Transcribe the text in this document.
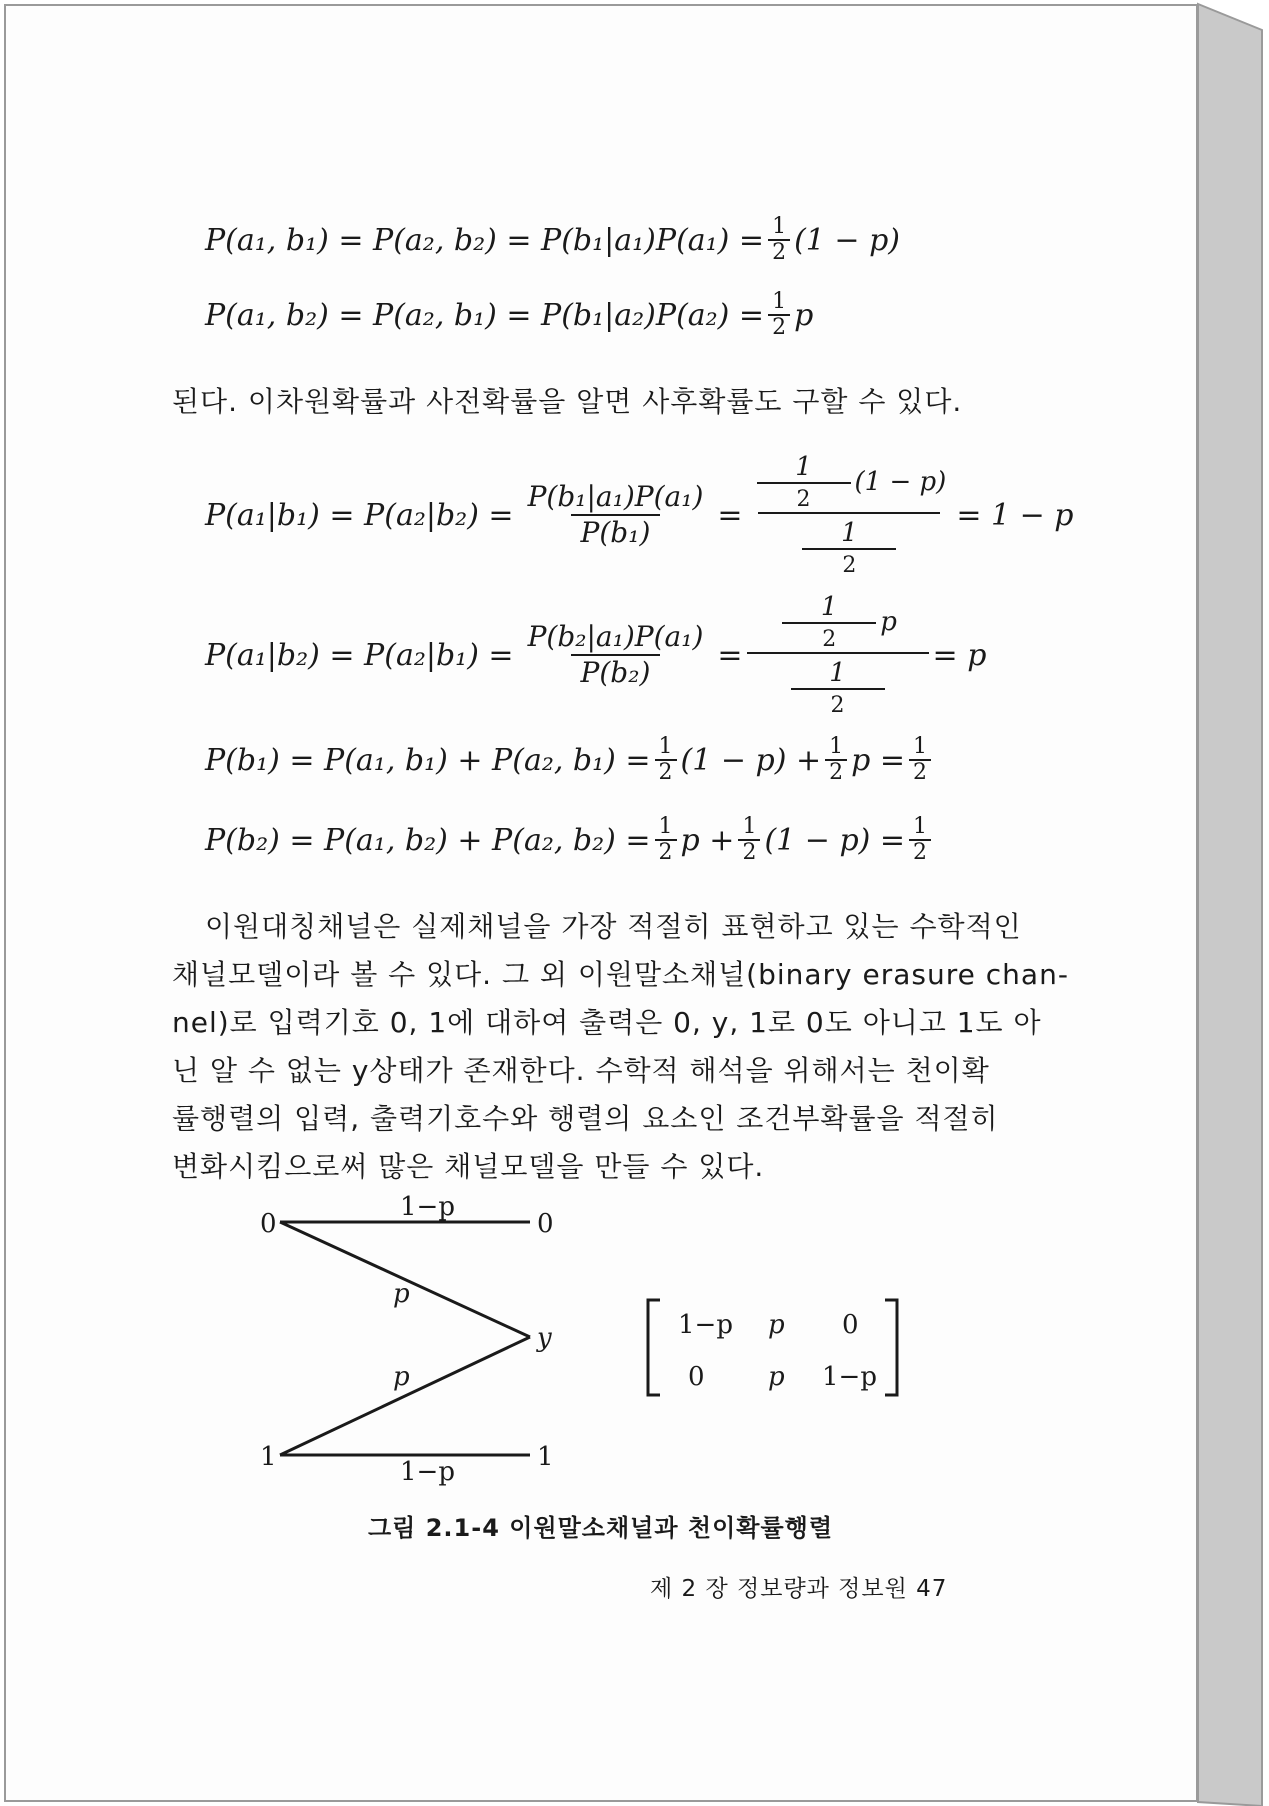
P(a₁, b₁) = P(a₂, $b_2) = P(b_1|a_1)P(a_1) = \frac{1}{2} (1 - p)$
P(a₁, b₂) = P(a₂, $b_1) = P(b_1|a_2)P(a_2) = \frac{1}{2}$ p
된다. 이차원확률과 사전확률을 알면 사후확률도 구할 수 있다.
$P(a_1|b_1) = P(a_2|b_2) = \frac{\text{P(b₁|a₁)P(a₁)}}{\text{P(b₁)}} = \frac{\frac{1}{2} (1 - p)}{\frac{1}{2}} = 1 - p$
$P(a_1|b_2) = P(a_2|b_1) = \frac{\text{P(b₂|a₁)P(a₁)}}{\text{P(b₂)}} = \frac{\frac{1}{2} p}{\frac{1}{2}} = p$
P(b₁) = P(a₁, b₁) + P(a₂, $b_1) = \frac{1}{2} (1 - p) + \frac{1}{2}$ $p = \frac{1}{2}$
P(b₂) = P(a₁, b₂) + P(a₂, $b_2) = \frac{1}{2}$ $p + \frac{1}{2} (1 - p) = \frac{1}{2}$
이원대칭채널은 실제채널을 가장 적절히 표현하고 있는 수학적인
채널모델이라 볼 수 있다. 그 외 이원말소채널(binary erasure chan-
nel)로 입력기호 0, 1에 대하여 출력은 0, y, 1로 0도 아니고 1도 아
닌 알 수 없는 y상태가 존재한다. 수학적 해석을 위해서는 천이확
률행렬의 입력, 출력기호수와 행렬의 요소인 조건부확률을 적절히
변화시킴으로써 많은 채널모델을 만들 수 있다.
0
1
0
y
1
1−p
p
p
1−p
1−p p 0
0 p 1−p
그림 2.1-4 이원말소채널과 천이확률행렬
제 2 장 정보량과 정보원 47
